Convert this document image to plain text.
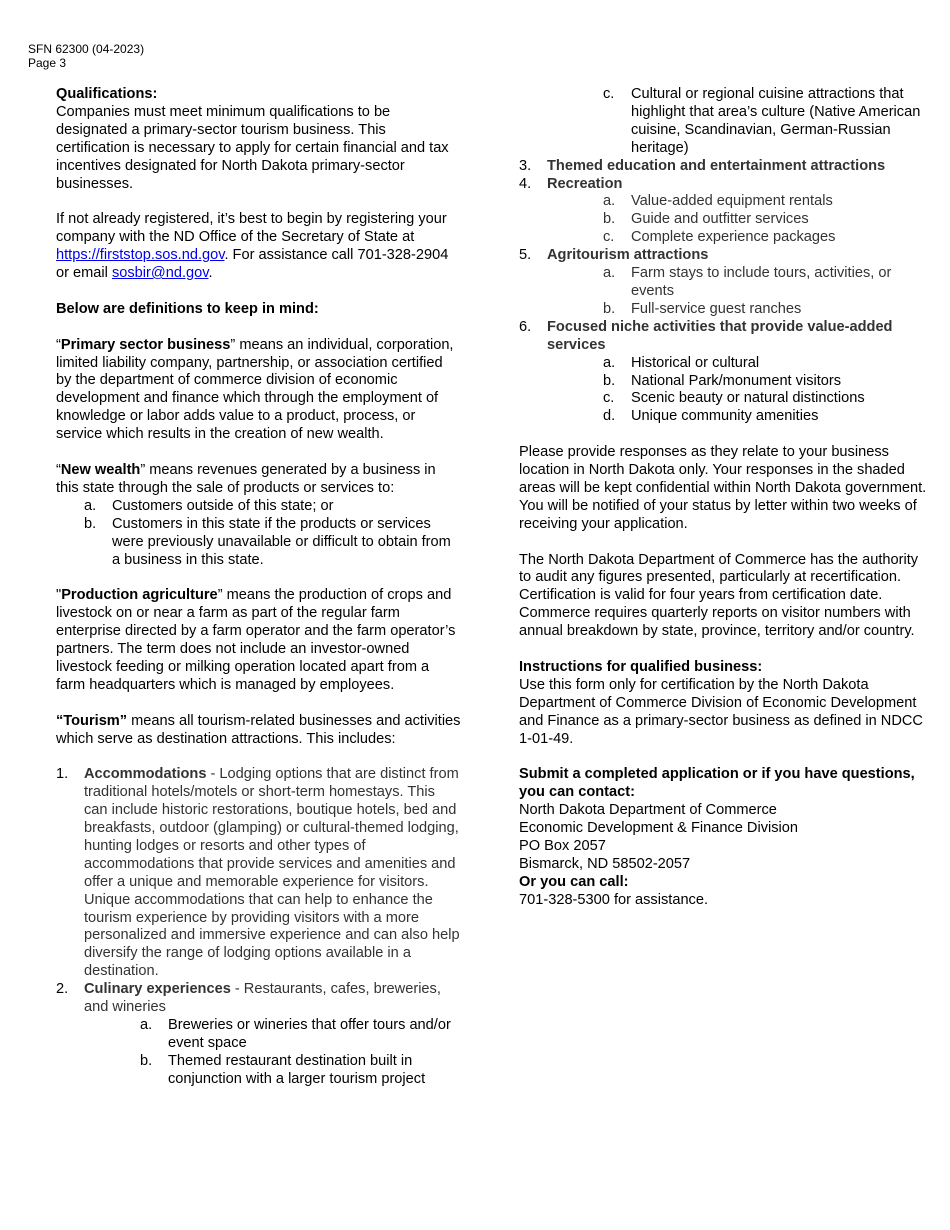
SFN 62300 (04-2023)
Page 3

Qualifications:

Companies must meet minimum qualifications to be designated a primary-sector tourism business. This certification is necessary to apply for certain financial and tax incentives designated for North Dakota primary-sector businesses.

If not already registered, it’s best to begin by registering your company with the ND Office of the Secretary of State at https://firststop.sos.nd.gov. For assistance call 701-328-2904 or email sosbir@nd.gov.

Below are definitions to keep in mind:

“Primary sector business” means an individual, corporation, limited liability company, partnership, or association certified by the department of commerce division of economic development and finance which through the employment of knowledge or labor adds value to a product, process, or service which results in the creation of new wealth.

“New wealth” means revenues generated by a business in this state through the sale of products or services to:

a.	Customers outside of this state; or
b.	Customers in this state if the products or services were previously unavailable or difficult to obtain from a business in this state.

"Production agriculture” means the production of crops and livestock on or near a farm as part of the regular farm enterprise directed by a farm operator and the farm operator’s partners. The term does not include an investor-owned livestock feeding or milking operation located apart from a farm headquarters which is managed by employees.

“Tourism” means all tourism-related businesses and activities which serve as destination attractions. This includes:

1.	Accommodations - Lodging options that are distinct from traditional hotels/motels or short-term homestays. This can include historic restorations, boutique hotels, bed and breakfasts, outdoor (glamping) or cultural-themed lodging, hunting lodges or resorts and other types of accommodations that provide services and amenities and offer a unique and memorable experience for visitors. Unique accommodations that can help to enhance the tourism experience by providing visitors with a more personalized and immersive experience and can also help diversify the range of lodging options available in a destination.
2.	Culinary experiences - Restaurants, cafes, breweries, and wineries
a.	Breweries or wineries that offer tours and/or event space
b.	Themed restaurant destination built in conjunction with a larger tourism project
c.	Cultural or regional cuisine attractions that highlight that area’s culture (Native American cuisine, Scandinavian, German-Russian heritage)
3.	Themed education and entertainment attractions
4.	Recreation
a.	Value-added equipment rentals
b.	Guide and outfitter services
c.	Complete experience packages
5.	Agritourism attractions
a.	Farm stays to include tours, activities, or events
b.	Full-service guest ranches
6.	Focused niche activities that provide value-added services
a.	Historical or cultural
b.	National Park/monument visitors
c.	Scenic beauty or natural distinctions
d.	Unique community amenities

Please provide responses as they relate to your business location in North Dakota only. Your responses in the shaded areas will be kept confidential within North Dakota government. You will be notified of your status by letter within two weeks of receiving your application.

The North Dakota Department of Commerce has the authority to audit any figures presented, particularly at recertification. Certification is valid for four years from certification date. Commerce requires quarterly reports on visitor numbers with annual breakdown by state, province, territory and/or country.

Instructions for qualified business:

Use this form only for certification by the North Dakota Department of Commerce Division of Economic Development and Finance as a primary-sector business as defined in NDCC 1-01-49.

Submit a completed application or if you have questions, you can contact:

North Dakota Department of Commerce

Economic Development & Finance Division

PO Box 2057

Bismarck, ND 58502-2057

Or you can call:

701-328-5300 for assistance.
